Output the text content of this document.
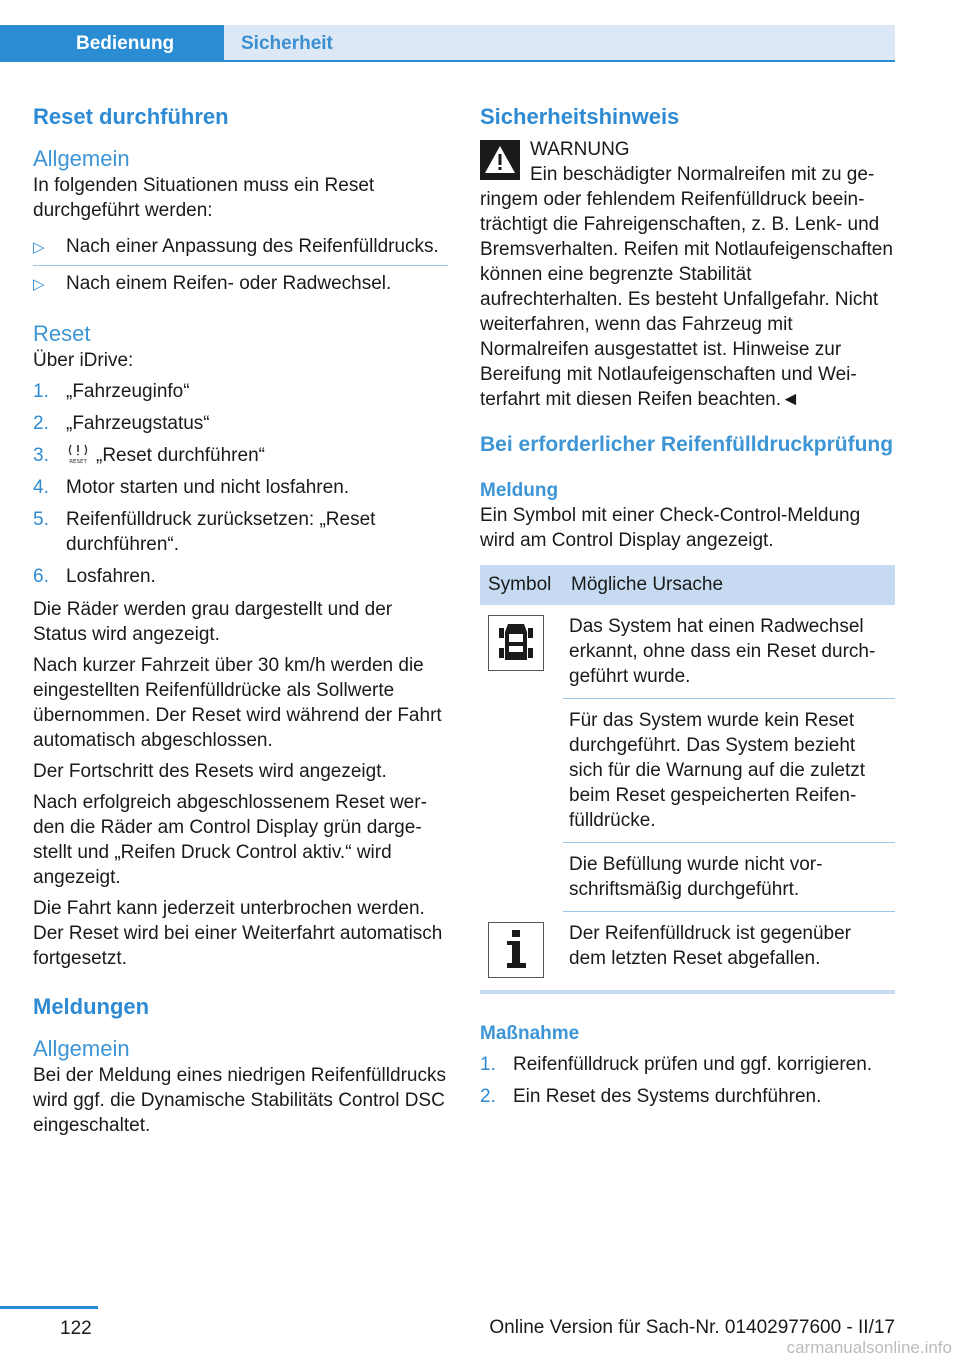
Bedienung	Sicherheit
Reset durchführen
Allgemein

In folgenden Situationen muss ein Reset durchgeführt werden:

▷ Nach einer Anpassung des Reifenfülldrucks.
▷ Nach einem Reifen- oder Radwechsel.
Reset

Über iDrive:

1. „Fahrzeuginfo“
2. „Fahrzeugstatus“
3.	RESET „Reset durchführen“
4. Motor starten und nicht losfahren.
5. Reifenfülldruck zurücksetzen: „Reset durchführen“.
6. Losfahren.

Die Räder werden grau dargestellt und der Status wird angezeigt.

Nach kurzer Fahrzeit über 30 km/h werden die eingestellten Reifenfülldrücke als Sollwerte übernommen. Der Reset wird während der Fahrt automatisch abgeschlossen.

Der Fortschritt des Resets wird angezeigt.

Nach erfolgreich abgeschlossenem Reset werden die Räder am Control Display grün dargestellt und „Reifen Druck Control aktiv.“ wird angezeigt.

Die Fahrt kann jederzeit unterbrochen werden. Der Reset wird bei einer Weiterfahrt automatisch fortgesetzt.

Meldungen
Allgemein

Bei der Meldung eines niedrigen Reifenfülldrucks wird ggf. die Dynamische Stabilitäts Control DSC eingeschaltet.

Sicherheitshinweis
WARNUNG
Ein beschädigter Normalreifen mit zu geringem oder fehlendem Reifenfülldruck beeinträchtigt die Fahreigenschaften, z. B. Lenk- und Bremsverhalten. Reifen mit Notlaufeigenschaften können eine begrenzte Stabilität aufrechterhalten. Es besteht Unfallgefahr. Nicht weiterfahren, wenn das Fahrzeug mit Normalreifen ausgestattet ist. Hinweise zur Bereifung mit Notlaufeigenschaften und Weiterfahrt mit diesen Reifen beachten.◄
Bei erforderlicher Reifenfülldruckprüfung
Meldung

Ein Symbol mit einer Check-Control-Meldung wird am Control Display angezeigt.

Symbol	Mögliche Ursache

	Das System hat einen Radwechsel erkannt, ohne dass ein Reset durchgeführt wurde.
	Für das System wurde kein Reset durchgeführt. Das System bezieht sich für die Warnung auf die zuletzt beim Reset gespeicherten Reifenfülldrücke.
	Die Befüllung wurde nicht vorschriftsmäßig durchgeführt.

	Der Reifenfülldruck ist gegenüber dem letzten Reset abgefallen.
Maßnahme
1. Reifenfülldruck prüfen und ggf. korrigieren.
2. Ein Reset des Systems durchführen.
122	Online Version für Sach-Nr. 01402977600 - II/17
carmanualsonline.info
